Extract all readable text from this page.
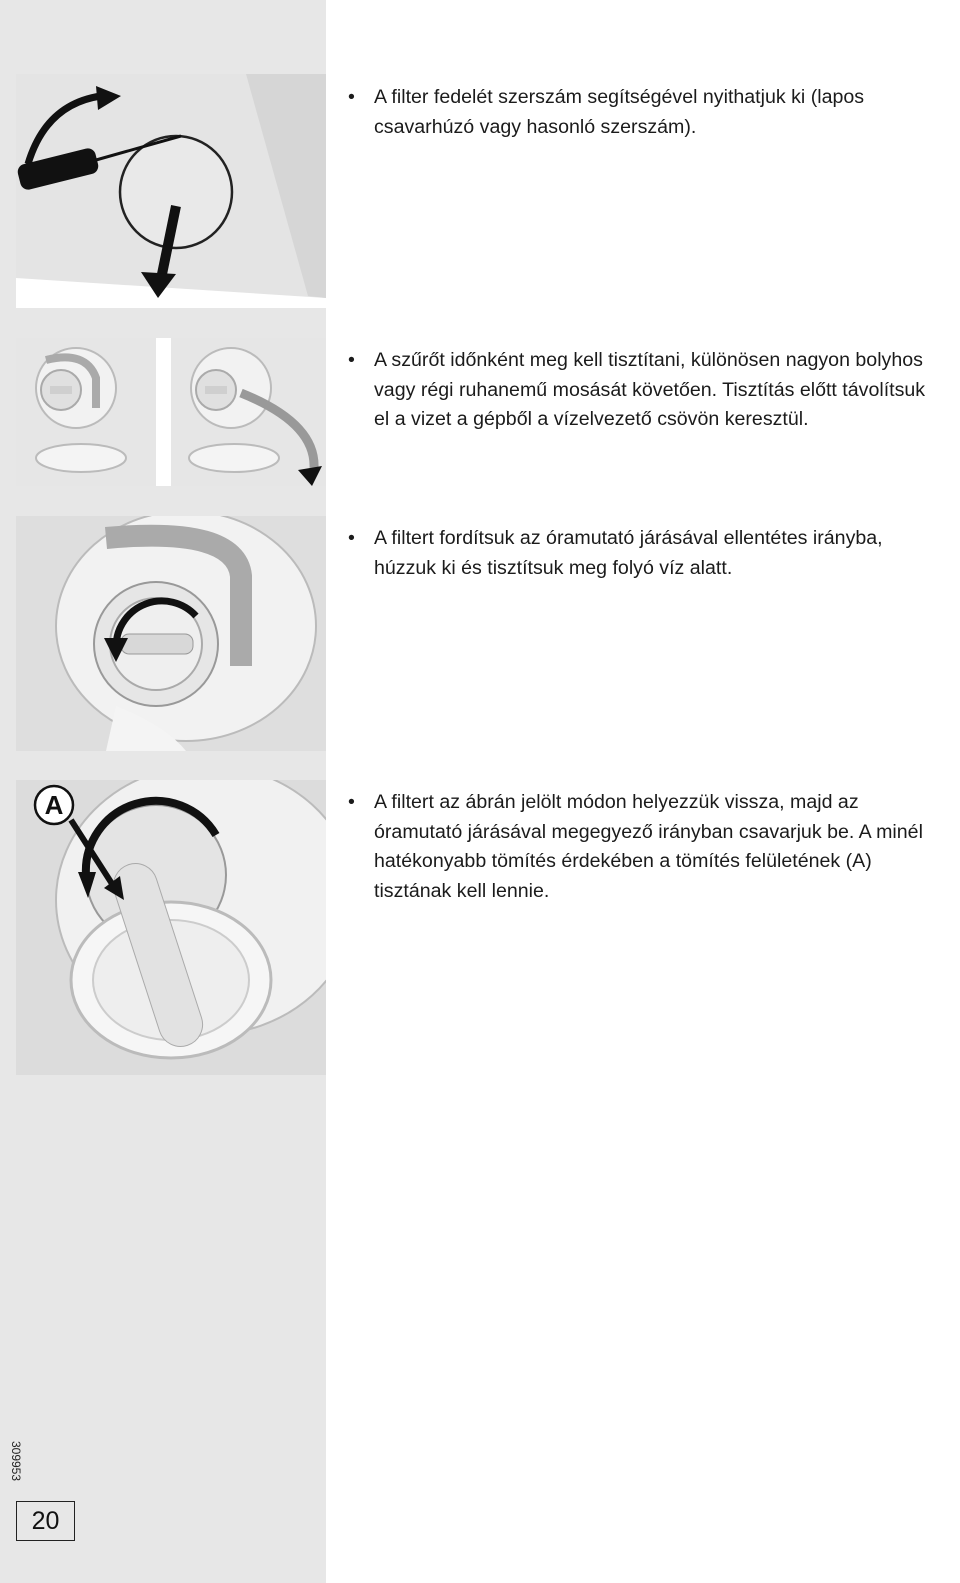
A
• A filter fedelét szerszám segítségével nyithatjuk ki (lapos csavarhúzó vagy hasonló szerszám).
• A szűrőt időnként meg kell tisztítani, különösen nagyon bolyhos vagy régi ruhanemű mosását követően. Tisztítás előtt távolítsuk el a vizet a gépből a vízelvezető csövön keresztül.
• A filtert fordítsuk az óramutató járásával ellentétes irányba, húzzuk ki és tisztítsuk meg folyó víz alatt.
• A filtert az ábrán jelölt módon helyezzük vissza, majd az óramutató járásával megegyező irányban csavarjuk be. A minél hatékonyabb tömítés érdekében a tömítés felületének (A) tisztának kell lennie.
309953
20
